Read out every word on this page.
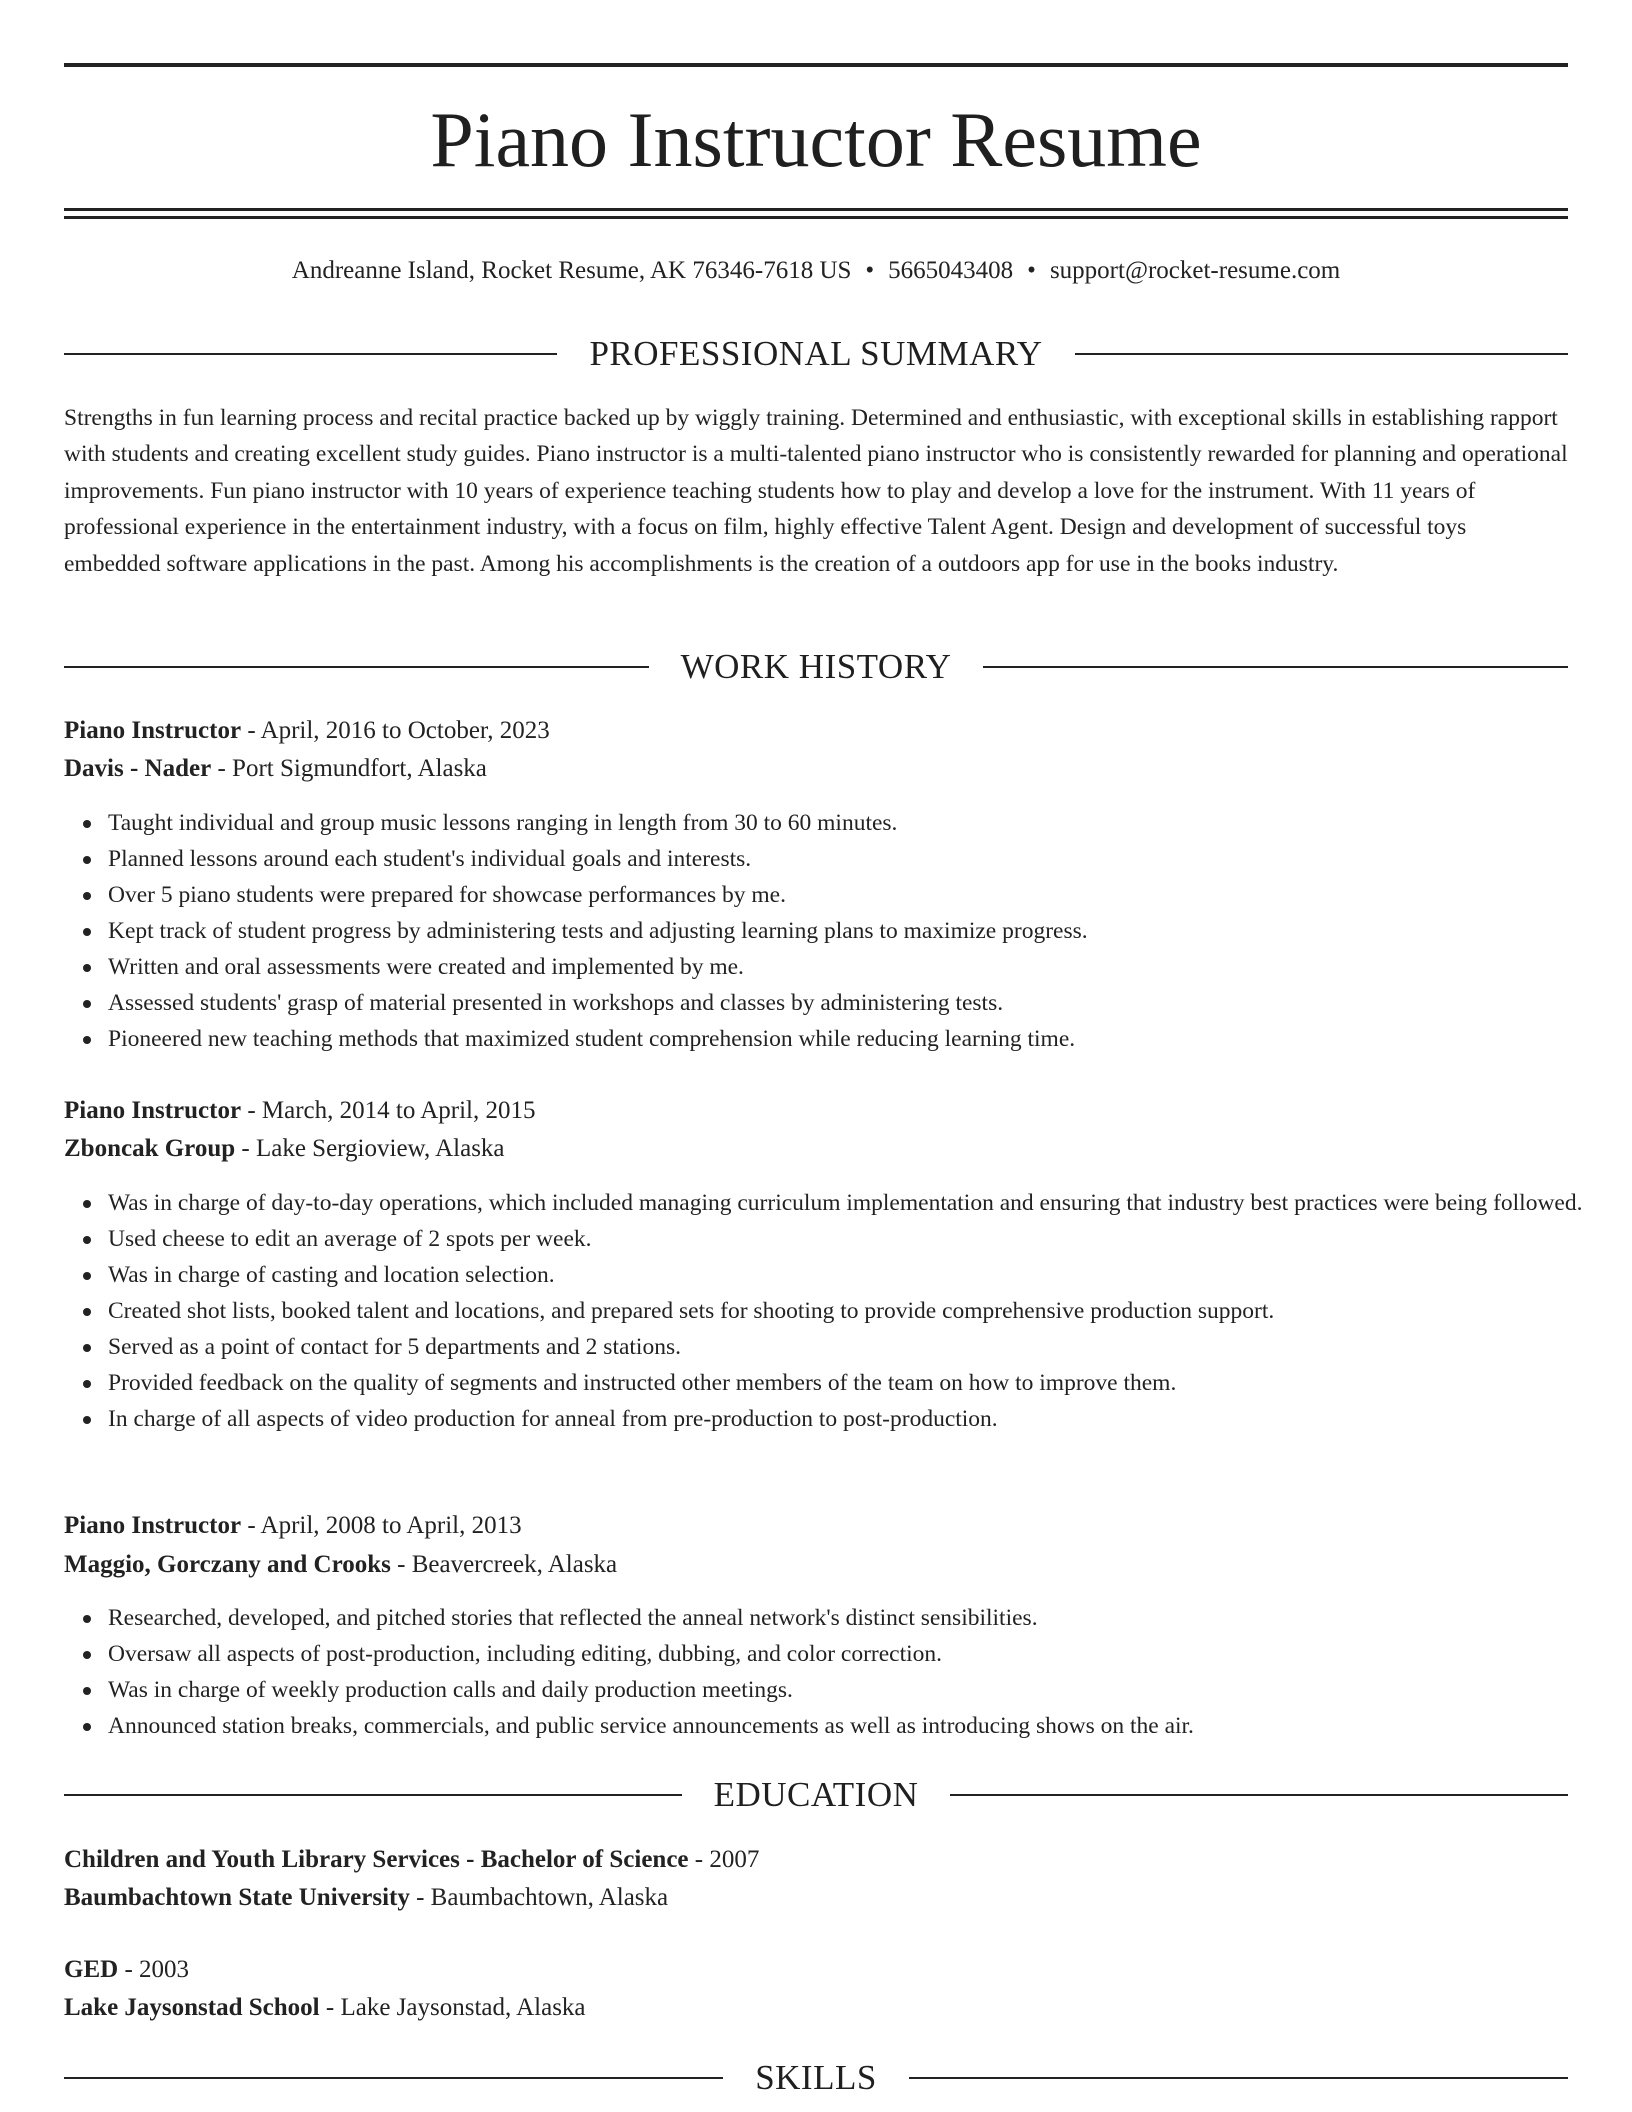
Piano Instructor Resume
Andreanne Island, Rocket Resume, AK 76346-7618 US • 5665043408 • support@rocket-resume.com
PROFESSIONAL SUMMARY

Strengths in fun learning process and recital practice backed up by wiggly training. Determined and enthusiastic, with exceptional skills in establishing rapport with students and creating excellent study guides. Piano instructor is a multi-talented piano instructor who is consistently rewarded for planning and operational improvements. Fun piano instructor with 10 years of experience teaching students how to play and develop a love for the instrument. With 11 years of professional experience in the entertainment industry, with a focus on film, highly effective Talent Agent. Design and development of successful toys embedded software applications in the past. Among his accomplishments is the creation of a outdoors app for use in the books industry.

WORK HISTORY
Piano Instructor - April, 2016 to October, 2023
Davis - Nader - Port Sigmundfort, Alaska
Taught individual and group music lessons ranging in length from 30 to 60 minutes.
Planned lessons around each student's individual goals and interests.
Over 5 piano students were prepared for showcase performances by me.
Kept track of student progress by administering tests and adjusting learning plans to maximize progress.
Written and oral assessments were created and implemented by me.
Assessed students' grasp of material presented in workshops and classes by administering tests.
Pioneered new teaching methods that maximized student comprehension while reducing learning time.
Piano Instructor - March, 2014 to April, 2015
Zboncak Group - Lake Sergioview, Alaska
Was in charge of day-to-day operations, which included managing curriculum implementation and ensuring that industry best practices were being followed.
Used cheese to edit an average of 2 spots per week.
Was in charge of casting and location selection.
Created shot lists, booked talent and locations, and prepared sets for shooting to provide comprehensive production support.
Served as a point of contact for 5 departments and 2 stations.
Provided feedback on the quality of segments and instructed other members of the team on how to improve them.
In charge of all aspects of video production for anneal from pre-production to post-production.
Piano Instructor - April, 2008 to April, 2013
Maggio, Gorczany and Crooks - Beavercreek, Alaska
Researched, developed, and pitched stories that reflected the anneal network's distinct sensibilities.
Oversaw all aspects of post-production, including editing, dubbing, and color correction.
Was in charge of weekly production calls and daily production meetings.
Announced station breaks, commercials, and public service announcements as well as introducing shows on the air.
EDUCATION
Children and Youth Library Services - Bachelor of Science - 2007
Baumbachtown State University - Baumbachtown, Alaska
GED - 2003
Lake Jaysonstad School - Lake Jaysonstad, Alaska
SKILLS
